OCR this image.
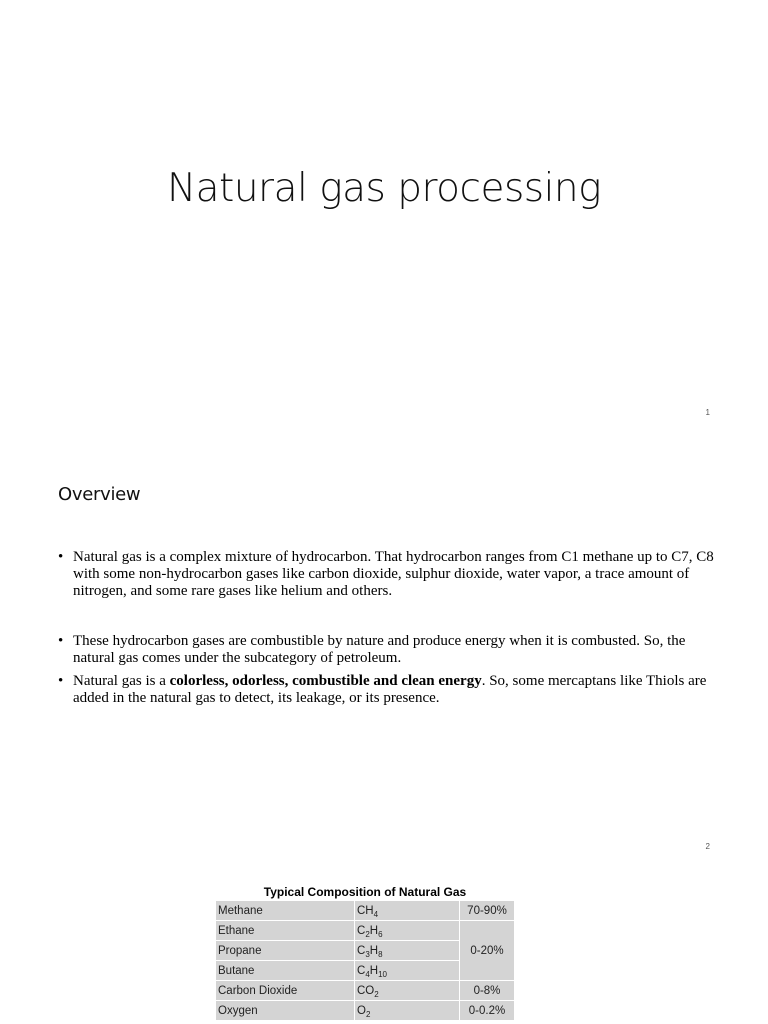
Natural gas processing
1
Overview
• Natural gas is a complex mixture of hydrocarbon. That hydrocarbon ranges from C1 methane up to C7, C8 with some non-hydrocarbon gases like carbon dioxide, sulphur dioxide, water vapor, a trace amount of nitrogen, and some rare gases like helium and others.
• These hydrocarbon gases are combustible by nature and produce energy when it is combusted. So, the natural gas comes under the subcategory of petroleum.
• Natural gas is a colorless, odorless, combustible and clean energy. So, some mercaptans like Thiols are added in the natural gas to detect, its leakage, or its presence.
2
Typical Composition of Natural Gas
Methane	$CH_4$	70-90%
Ethane	$C_2H_6$	0-20%
Propane	$C_3H_8$
Butane	$C_4H_{10}$
Carbon Dioxide	$CO_2$	0-8%
Oxygen	$O_2$	0-0.2%
